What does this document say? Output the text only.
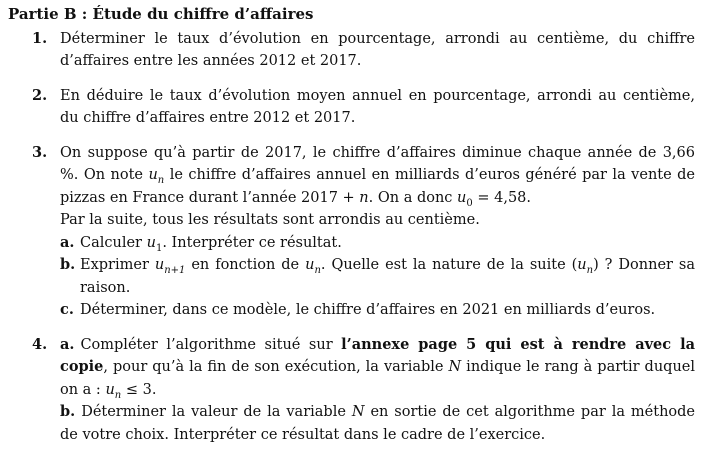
Partie B : Étude du chiffre d’affaires
1. Déterminer le taux d’évolution en pourcentage, arrondi au centième, du chiffre d’affaires entre les années 2012 et 2017.
2. En déduire le taux d’évolution moyen annuel en pourcentage, arrondi au centième, du chiffre d’affaires entre 2012 et 2017.
3. On suppose qu’à partir de 2017, le chiffre d’affaires diminue chaque année de 3,66 %. On note $u_n$ le chiffre d’affaires annuel en milliards d’euros généré par la vente de pizzas en France durant l’année 2017 + n. On a donc $u_0 = 4,58$.
Par la suite, tous les résultats sont arrondis au centième.
a. Calculer $u_1$. Interpréter ce résultat.
b. Exprimer $u_{n+1}$ en fonction de $u_n$. Quelle est la nature de la suite $(u_n)$ ? Donner sa raison.
c. Déterminer, dans ce modèle, le chiffre d’affaires en 2021 en milliards d’euros.
4. a. Compléter l’algorithme situé sur l’annexe page 5 qui est à rendre avec la copie, pour qu’à la fin de son exécution, la variable N indique le rang à partir duquel on a : $u_n \le 3$.
b. Déterminer la valeur de la variable N en sortie de cet algorithme par la méthode de votre choix. Interpréter ce résultat dans le cadre de l’exercice.
